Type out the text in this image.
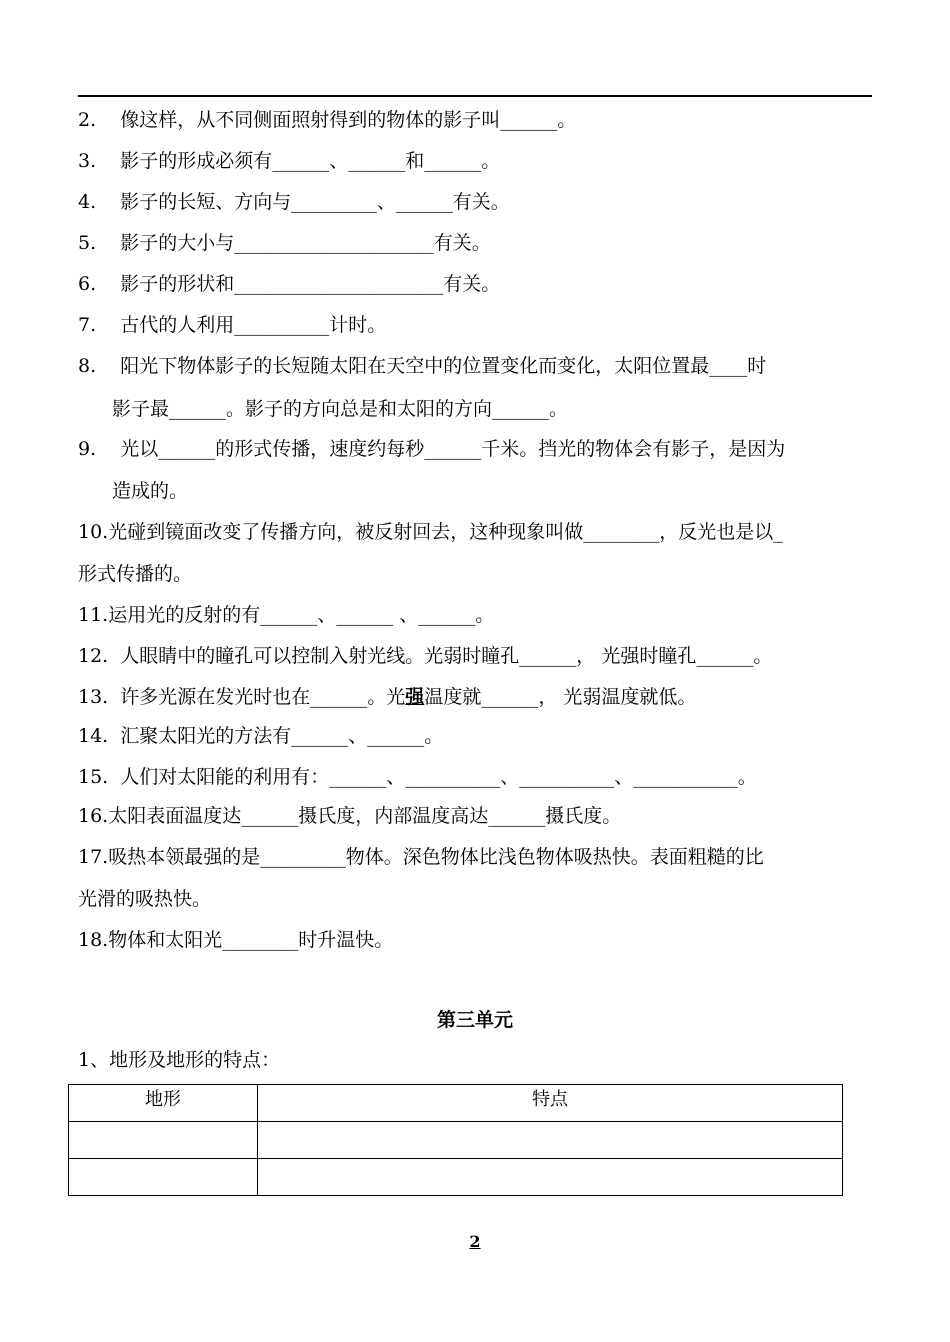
2.    像这样，从不同侧面照射得到的物体的影子叫______。
3.    影子的形成必须有______、______和______。
4.    影子的长短、方向与_________、______有关。
5.    影子的大小与_____________________有关。
6.    影子的形状和______________________有关。
7.    古代的人利用__________计时。
8.    阳光下物体影子的长短随太阳在天空中的位置变化而变化，太阳位置最____时
影子最______。影子的方向总是和太阳的方向______。
9.    光以______的形式传播，速度约每秒______千米。挡光的物体会有影子，是因为
造成的。
10.光碰到镜面改变了传播方向，被反射回去，这种现象叫做________，反光也是以_
形式传播的。
11.运用光的反射的有______、______ 、______。
12.  人眼睛中的瞳孔可以控制入射光线。光弱时瞳孔______， 光强时瞳孔______。
13.  许多光源在发光时也在______。光强温度就______， 光弱温度就低。
14.  汇聚太阳光的方法有______、______。
15.  人们对太阳能的利用有：______、__________、__________、___________。
16.太阳表面温度达______摄氏度，内部温度高达______摄氏度。
17.吸热本领最强的是_________物体。深色物体比浅色物体吸热快。表面粗糙的比
光滑的吸热快。
18.物体和太阳光________时升温快。
第三单元
1、地形及地形的特点：
地形	特点

2
